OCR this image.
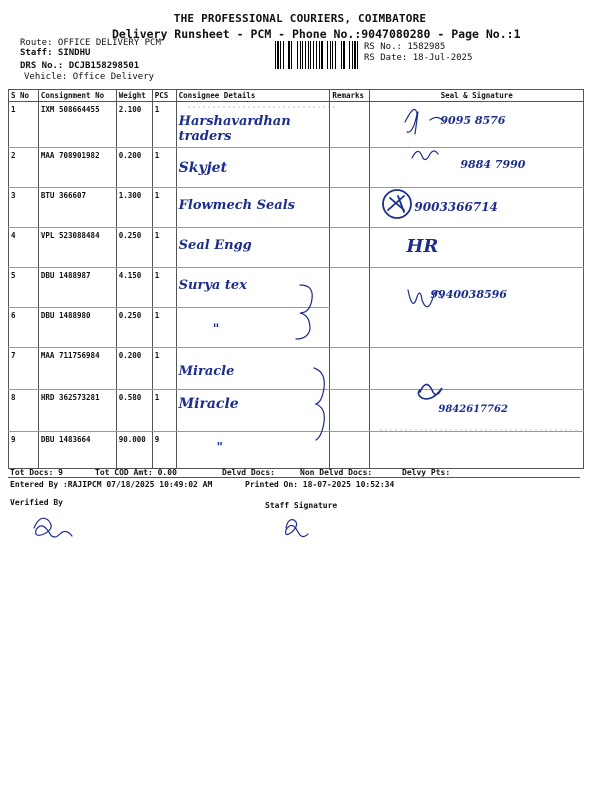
THE PROFESSIONAL COURIERS, COIMBATORE
Delivery Runsheet - PCM - Phone No.:9047080280 - Page No.:1
Route: OFFICE DELIVERY PCM
Staff: SINDHU
DRS No.: DCJB158298501
Vehicle: Office Delivery
RS No.: 1582985
RS Date: 18-Jul-2025
S No	Consignment No	Weight	PCS	Consignee Details	Remarks	Seal & Signature
1	IXM 508664455	2.100	1	Harshavardhan traders		9095 8576
2	MAA 708901982	0.200	1	Skyjet		9884 7990
3	BTU 366607	1.300	1	Flowmech Seals		9003366714
4	VPL 523088484	0.250	1	Seal Engg		HR
5	DBU 1488987	4.150	1	Surya tex		9940038596
6	DBU 1488980	0.250	1	"		
7	MAA 711756984	0.200	1	Miracle		
8	HRD 362573281	0.580	1	Miracle		9842617762
9	DBU 1483664	90.000	9	"		
Tot Docs: 9	Tot COD Amt: 0.00	Delvd Docs:	Non Delvd Docs:	Delvy Pts:
Entered By :RAJIPCM 07/18/2025 10:49:02 AM	Printed On: 18-07-2025 10:52:34
Verified By	Staff Signature
